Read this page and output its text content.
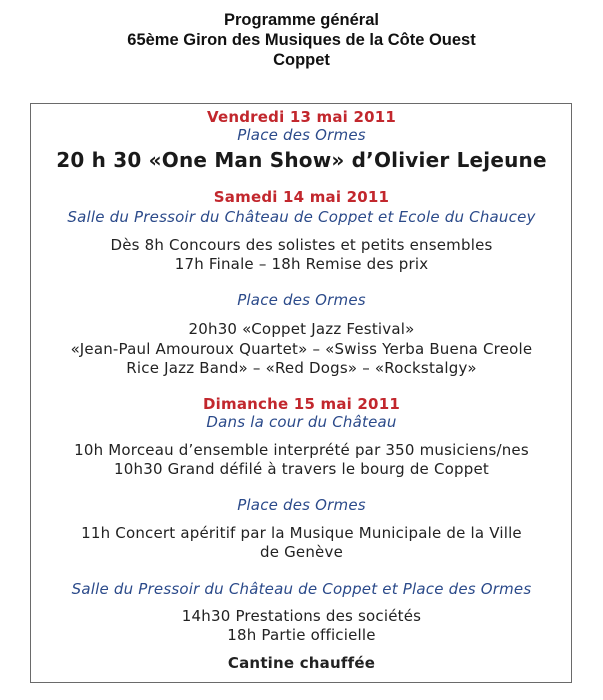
Programme général
65ème Giron des Musiques de la Côte Ouest
Coppet
Vendredi 13 mai 2011
Place des Ormes
20 h 30 «One Man Show» d’Olivier Lejeune
Samedi 14 mai 2011
Salle du Pressoir du Château de Coppet et Ecole du Chaucey
Dès 8h Concours des solistes et petits ensembles
17h Finale – 18h Remise des prix
Place des Ormes
20h30 «Coppet Jazz Festival»
«Jean-Paul Amouroux Quartet» – «Swiss Yerba Buena Creole
Rice Jazz Band» – «Red Dogs» – «Rockstalgy»
Dimanche 15 mai 2011
Dans la cour du Château
10h Morceau d’ensemble interprété par 350 musiciens/nes
10h30 Grand défilé à travers le bourg de Coppet
Place des Ormes
11h Concert apéritif par la Musique Municipale de la Ville
de Genève
Salle du Pressoir du Château de Coppet et Place des Ormes
14h30 Prestations des sociétés
18h Partie officielle
Cantine chauffée
